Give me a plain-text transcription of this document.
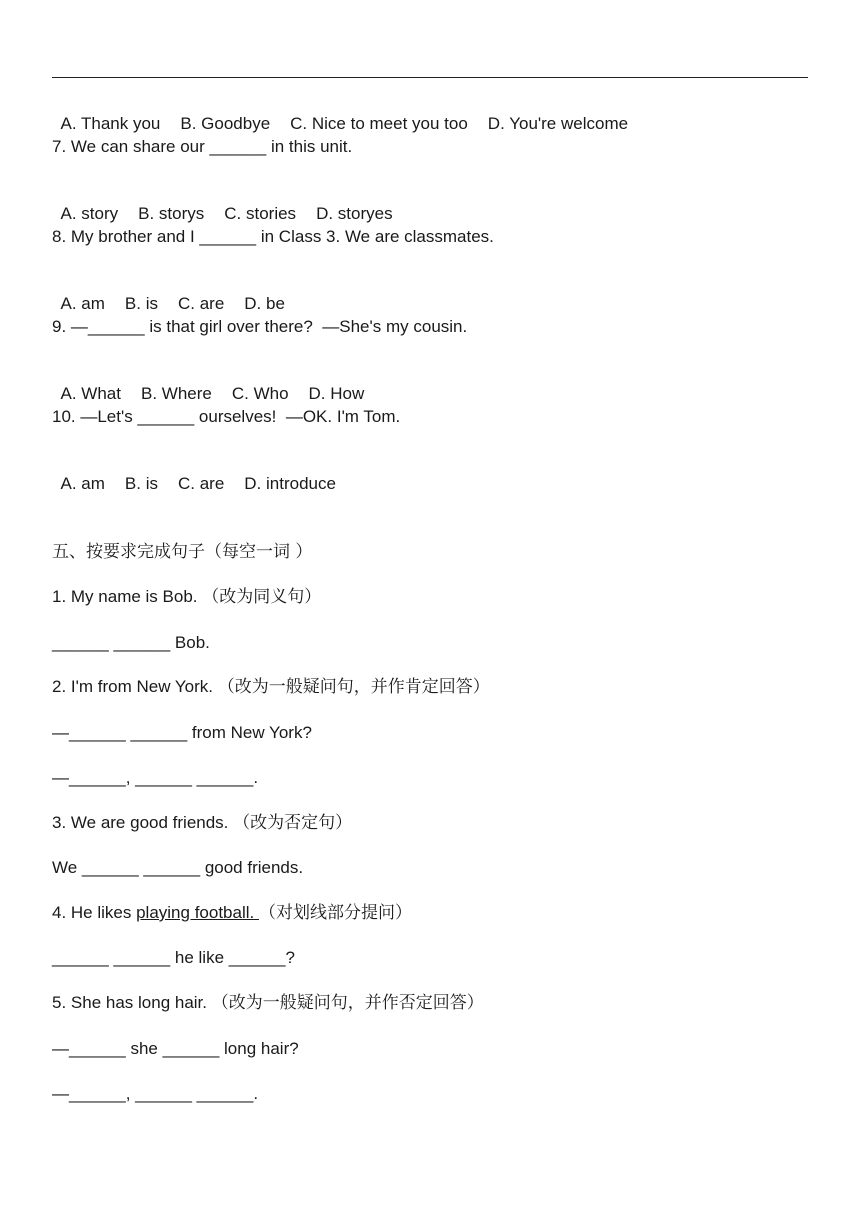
A. Thank you B. Goodbye C. Nice to meet you too D. You're welcome

7. We can share our ______ in this unit.

A. story B. storys C. stories D. storyes

8. My brother and I ______ in Class 3. We are classmates.

A. am B. is C. are D. be

9. —______ is that girl over there?  —She's my cousin.

A. What B. Where C. Who D. How

10. —Let's ______ ourselves!  —OK. I'm Tom.

A. am B. is C. are D. introduce

五、按要求完成句子（每空一词 ）
1. My name is Bob. （改为同义句）
______ ______ Bob.
2. I'm from New York. （改为一般疑问句，并作肯定回答）
—______ ______ from New York?
—______, ______ ______.
3. We are good friends. （改为否定句）
We ______ ______ good friends.
4. He likes playing football. （对划线部分提问）
______ ______ he like ______?
5. She has long hair. （改为一般疑问句，并作否定回答）
—______ she ______ long hair?
—______, ______ ______.
